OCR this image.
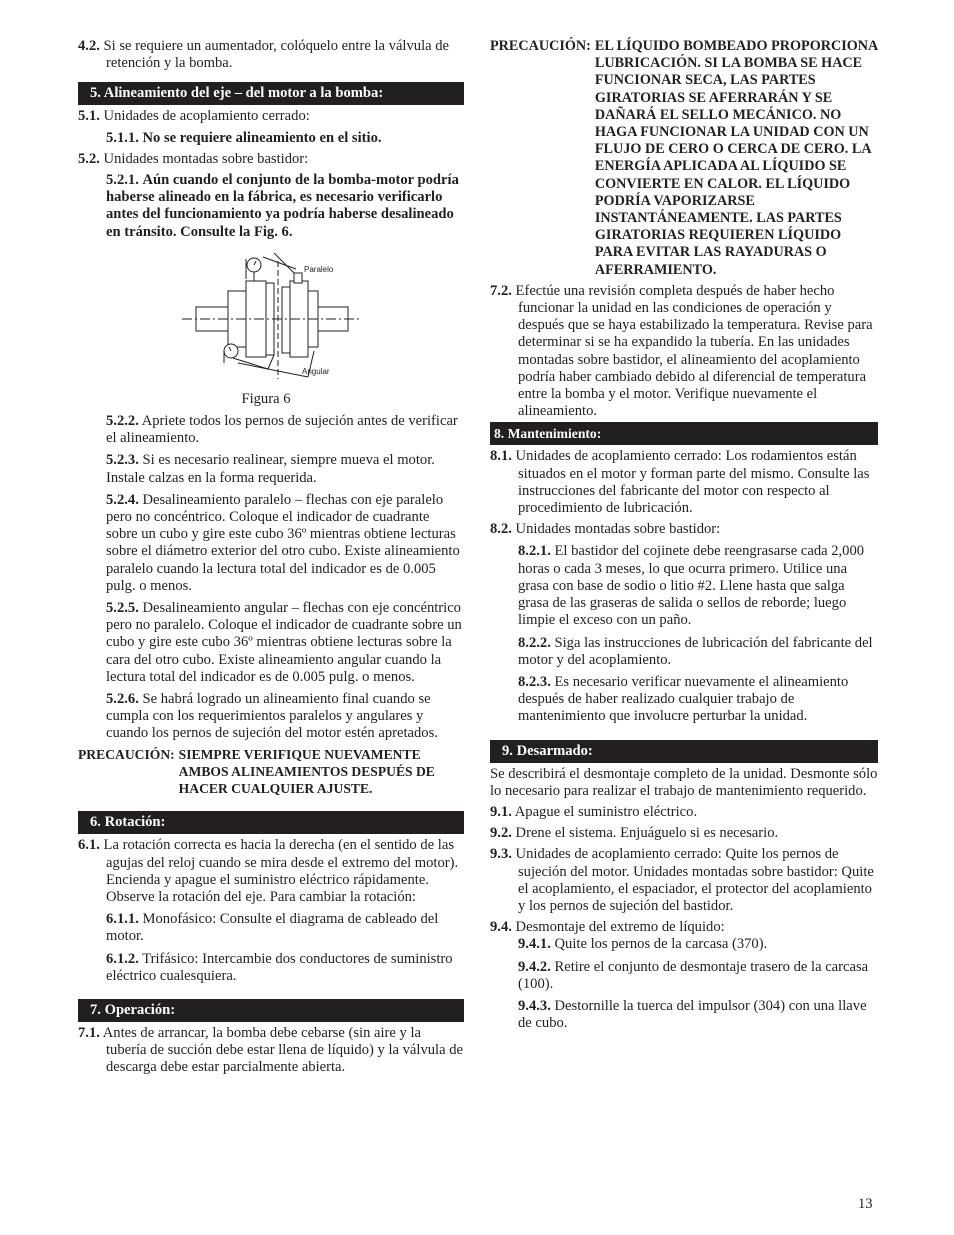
4.2. Si se requiere un aumentador, colóquelo entre la válvula de retención y la bomba.

5. Alineamiento del eje – del motor a la bomba:

5.1. Unidades de acoplamiento cerrado:

5.1.1. No se requiere alineamiento en el sitio.

5.2. Unidades montadas sobre bastidor:

5.2.1. Aún cuando el conjunto de la bomba-motor podría haberse alineado en la fábrica, es necesario verificarlo antes del funcionamiento ya podría haberse desalineado en tránsito. Consulte la Fig. 6.

Paralelo
Angular

Figura 6

5.2.2. Apriete todos los pernos de sujeción antes de verificar el alineamiento.

5.2.3. Si es necesario realinear, siempre mueva el motor. Instale calzas en la forma requerida.

5.2.4. Desalineamiento paralelo – flechas con eje paralelo pero no concéntrico. Coloque el indicador de cuadrante sobre un cubo y gire este cubo 36º mientras obtiene lecturas sobre el diámetro exterior del otro cubo. Existe alineamiento paralelo cuando la lectura total del indicador es de 0.005 pulg. o menos.

5.2.5. Desalineamiento angular – flechas con eje concéntrico pero no paralelo. Coloque el indicador de cuadrante sobre un cubo y gire este cubo 36º mientras obtiene lecturas sobre la cara del otro cubo. Existe alineamiento angular cuando la lectura total del indicador es de 0.005 pulg. o menos.

5.2.6. Se habrá logrado un alineamiento final cuando se cumpla con los requerimientos paralelos y angulares y cuando los pernos de sujeción del motor estén apretados.

PRECAUCIÓN: SIEMPRE VERIFIQUE NUEVAMENTE AMBOS ALINEAMIENTOS DESPUÉS DE HACER CUALQUIER AJUSTE.
6. Rotación:

6.1. La rotación correcta es hacia la derecha (en el sentido de las agujas del reloj cuando se mira desde el extremo del motor). Encienda y apague el suministro eléctrico rápidamente. Observe la rotación del eje. Para cambiar la rotación:

6.1.1. Monofásico: Consulte el diagrama de cableado del motor.

6.1.2. Trifásico: Intercambie dos conductores de suministro eléctrico cualesquiera.

7. Operación:

7.1. Antes de arrancar, la bomba debe cebarse (sin aire y la tubería de succión debe estar llena de líquido) y la válvula de descarga debe estar parcialmente abierta.

PRECAUCIÓN: EL LÍQUIDO BOMBEADO PROPORCIONA LUBRICACIÓN. SI LA BOMBA SE HACE FUNCIONAR SECA, LAS PARTES GIRATORIAS SE AFERRARÁN Y SE DAÑARÁ EL SELLO MECÁNICO. NO HAGA FUNCIONAR LA UNIDAD CON UN FLUJO DE CERO O CERCA DE CERO. LA ENERGÍA APLICADA AL LÍQUIDO SE CONVIERTE EN CALOR. EL LÍQUIDO PODRÍA VAPORIZARSE INSTANTÁNEAMENTE. LAS PARTES GIRATORIAS REQUIEREN LÍQUIDO PARA EVITAR LAS RAYADURAS O AFERRAMIENTO.

7.2. Efectúe una revisión completa después de haber hecho funcionar la unidad en las condiciones de operación y después que se haya estabilizado la temperatura. Revise para determinar si se ha expandido la tubería. En las unidades montadas sobre bastidor, el alineamiento del acoplamiento podría haber cambiado debido al diferencial de temperatura entre la bomba y el motor. Verifique nuevamente el alineamiento.

8. Mantenimiento:

8.1. Unidades de acoplamiento cerrado: Los rodamientos están situados en el motor y forman parte del mismo. Consulte las instrucciones del fabricante del motor con respecto al procedimiento de lubricación.

8.2. Unidades montadas sobre bastidor:

8.2.1. El bastidor del cojinete debe reengrasarse cada 2,000 horas o cada 3 meses, lo que ocurra primero. Utilice una grasa con base de sodio o litio #2. Llene hasta que salga grasa de las graseras de salida o sellos de reborde; luego limpie el exceso con un paño.

8.2.2. Siga las instrucciones de lubricación del fabricante del motor y del acoplamiento.

8.2.3. Es necesario verificar nuevamente el alineamiento después de haber realizado cualquier trabajo de mantenimiento que involucre perturbar la unidad.

9. Desarmado:

Se describirá el desmontaje completo de la unidad. Desmonte sólo lo necesario para realizar el trabajo de mantenimiento requerido.

9.1. Apague el suministro eléctrico.

9.2. Drene el sistema. Enjuáguelo si es necesario.

9.3. Unidades de acoplamiento cerrado: Quite los pernos de sujeción del motor. Unidades montadas sobre bastidor: Quite el acoplamiento, el espaciador, el protector del acoplamiento y los pernos de sujeción del bastidor.

9.4. Desmontaje del extremo de líquido:

9.4.1. Quite los pernos de la carcasa (370).

9.4.2. Retire el conjunto de desmontaje trasero de la carcasa (100).

9.4.3. Destornille la tuerca del impulsor (304) con una llave de cubo.

13
